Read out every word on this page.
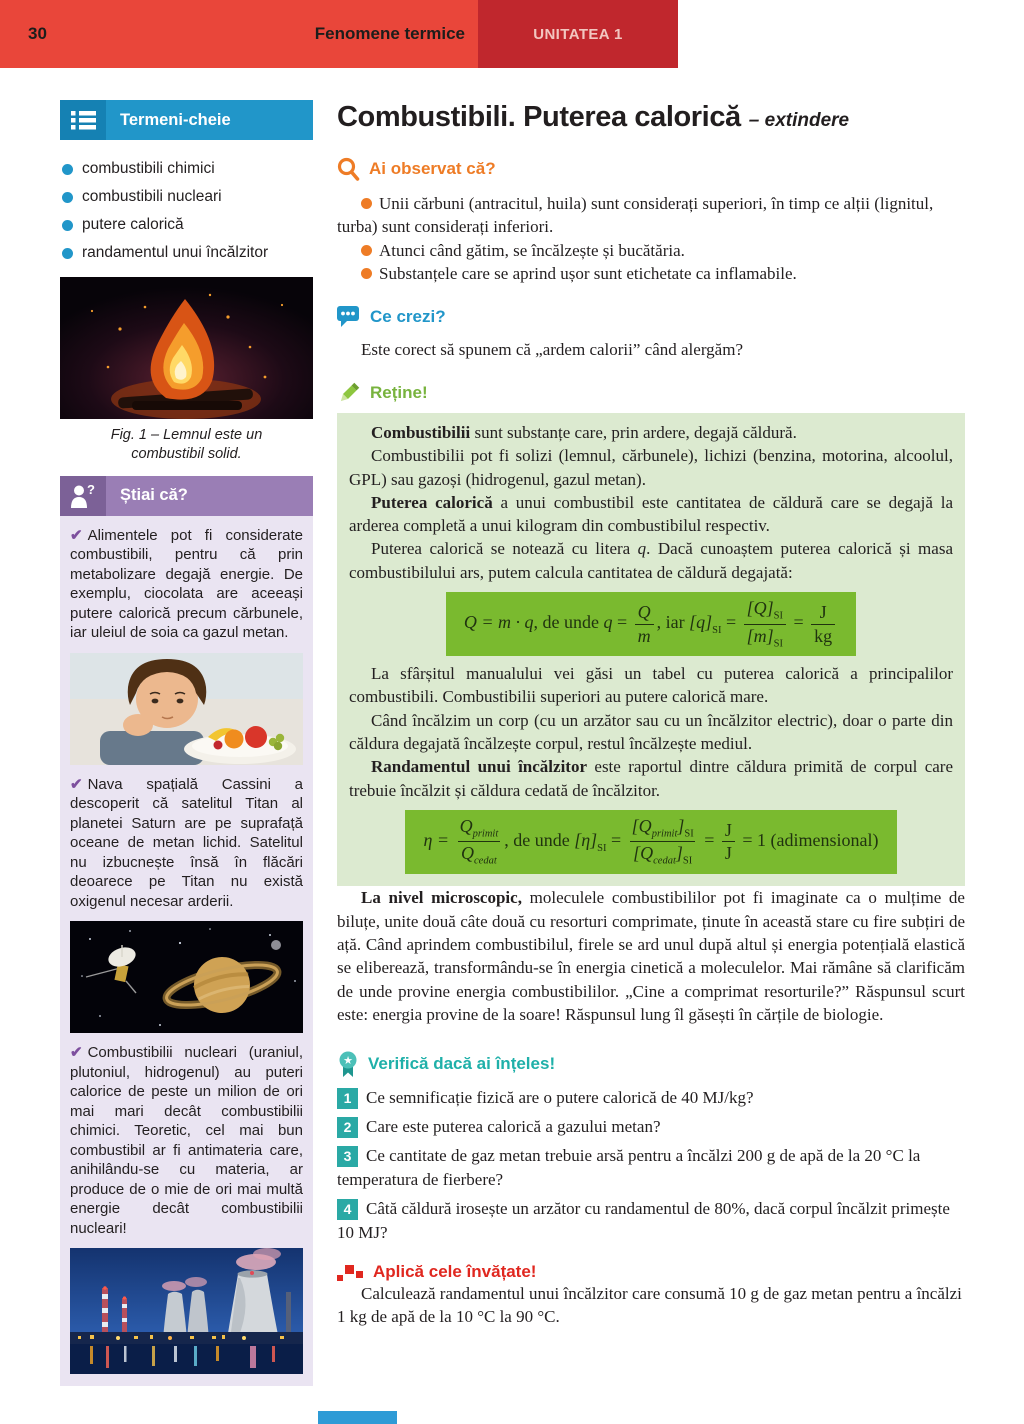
30	Fenomene termice	UNITATEA 1
Termeni-cheie
combustibili chimici
combustibili nucleari
putere calorică
randamentul unui încălzitor
Fig. 1 – Lemnul este un
combustibil solid.
? Știai că?

✔ Alimentele pot fi considerate combustibili, pentru că prin metabolizare degajă energie. De exemplu, ciocolata are aceeași putere calorică precum cărbunele, iar uleiul de soia ca gazul metan.

✔ Nava spațială Cassini a descoperit că satelitul Titan al planetei Saturn are pe suprafață oceane de metan lichid. Satelitul nu izbucnește însă în flăcări deoarece pe Titan nu există oxigenul necesar arderii.

✔ Combustibilii nucleari (uraniul, plutoniul, hidrogenul) au puteri calorice de peste un milion de ori mai mari decât combustibilii chimici. Teoretic, cel mai bun combustibil ar fi antimateria care, anihilându-se cu materia, ar produce de o mie de ori mai multă energie decât combustibilii nucleari!

Combustibili. Puterea calorică – extindere
Ai observat că?

Unii cărbuni (antracitul, huila) sunt considerați superiori, în timp ce alții (lignitul, turba) sunt considerați inferiori.

Atunci când gătim, se încălzește și bucătăria.

Substanțele care se aprind ușor sunt etichetate ca inflamabile.

Ce crezi?

Este corect să spunem că „ardem calorii” când alergăm?

Reține!

Combustibilii sunt substanțe care, prin ardere, degajă căldură.

Combustibilii pot fi solizi (lemnul, cărbunele), lichizi (benzina, motorina, alcoolul, GPL) sau gazoși (hidrogenul, gazul metan).

Puterea calorică a unui combustibil este cantitatea de căldură care se degajă la arderea completă a unui kilogram din combustibilul respectiv.

Puterea calorică se notează cu litera q. Dacă cunoaștem puterea calorică și masa combustibilului ars, putem calcula cantitatea de căldură degajată:

Q = m · q, de unde $q = \frac{Q}{m}$ , iar $[q]_{SI} = \frac{[Q]_{SI}}{[m]_{SI}} = \frac{J}{kg}$

La sfârșitul manualului vei găsi un tabel cu puterea calorică a principalilor combustibili. Combustibilii superiori au putere calorică mare.

Când încălzim un corp (cu un arzător sau cu un încălzitor electric), doar o parte din căldura degajată încălzește corpul, restul încălzește mediul.

Randamentul unui încălzitor este raportul dintre căldura primită de corpul care trebuie încălzit și căldura cedată de încălzitor.

$\eta = \frac{Q_{primit}}{Q_{cedat}}$ , de unde $[\eta]_{SI} = \frac{[Q_{primit}]_{SI}}{[Q_{cedat}]_{SI}} = \frac{J}{J} = 1$ (adimensional)

La nivel microscopic, moleculele combustibililor pot fi imaginate ca o mulțime de biluțe, unite două câte două cu resorturi comprimate, ținute în această stare cu fire subțiri de ață. Când aprindem combustibilul, firele se ard unul după altul și energia potențială elastică se eliberează, transformându-se în energia cinetică a moleculelor. Mai rămâne să clarificăm de unde provine energia combustibililor. „Cine a comprimat resorturile?” Răspunsul scurt este: energia provine de la soare! Răspunsul lung îl găsești în cărțile de biologie.

★ Verifică dacă ai înțeles!

1 Ce semnificație fizică are o putere calorică de 40 MJ/kg?

2 Care este puterea calorică a gazului metan?

3 Ce cantitate de gaz metan trebuie arsă pentru a încălzi 200 g de apă de la 20 °C la temperatura de fierbere?

4 Câtă căldură irosește un arzător cu randamentul de 80%, dacă corpul încălzit primește 10 MJ?

Aplică cele învățate!

Calculează randamentul unui încălzitor care consumă 10 g de gaz metan pentru a încălzi 1 kg de apă de la 10 °C la 90 °C.
